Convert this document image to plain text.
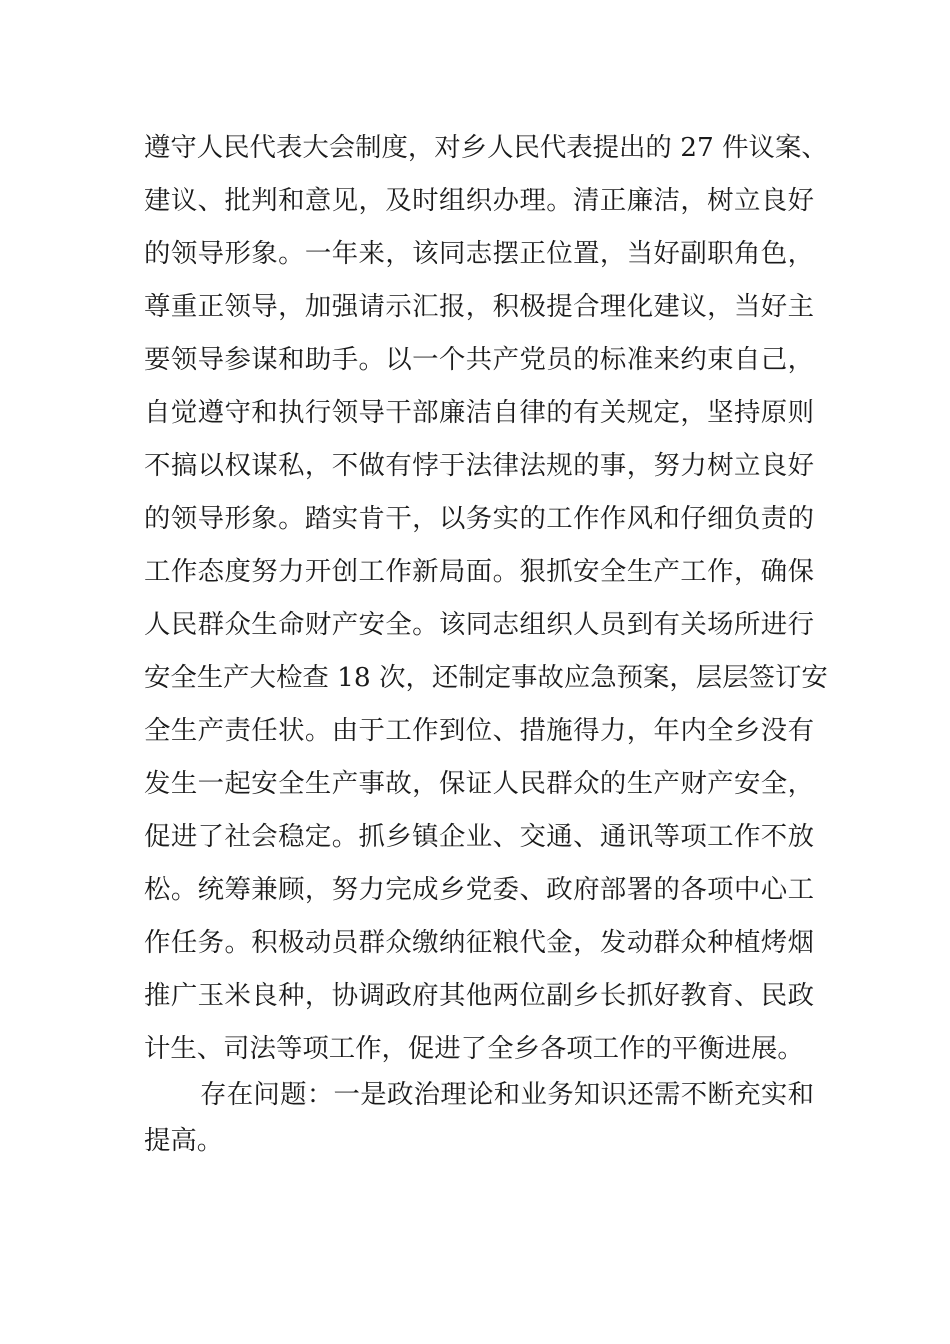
遵守人民代表大会制度，对乡人民代表提出的 27 件议案、
建议、批判和意见，及时组织办理。清正廉洁，树立良好
的领导形象。一年来，该同志摆正位置，当好副职角色，
尊重正领导，加强请示汇报，积极提合理化建议，当好主
要领导参谋和助手。以一个共产党员的标准来约束自己，
自觉遵守和执行领导干部廉洁自律的有关规定，坚持原则
不搞以权谋私，不做有悖于法律法规的事，努力树立良好
的领导形象。踏实肯干，以务实的工作作风和仔细负责的
工作态度努力开创工作新局面。狠抓安全生产工作，确保
人民群众生命财产安全。该同志组织人员到有关场所进行
安全生产大检查 18 次，还制定事故应急预案，层层签订安
全生产责任状。由于工作到位、措施得力，年内全乡没有
发生一起安全生产事故，保证人民群众的生产财产安全，
促进了社会稳定。抓乡镇企业、交通、通讯等项工作不放
松。统筹兼顾，努力完成乡党委、政府部署的各项中心工
作任务。积极动员群众缴纳征粮代金，发动群众种植烤烟
推广玉米良种，协调政府其他两位副乡长抓好教育、民政
计生、司法等项工作，促进了全乡各项工作的平衡进展。
存在问题：一是政治理论和业务知识还需不断充实和
提高。
